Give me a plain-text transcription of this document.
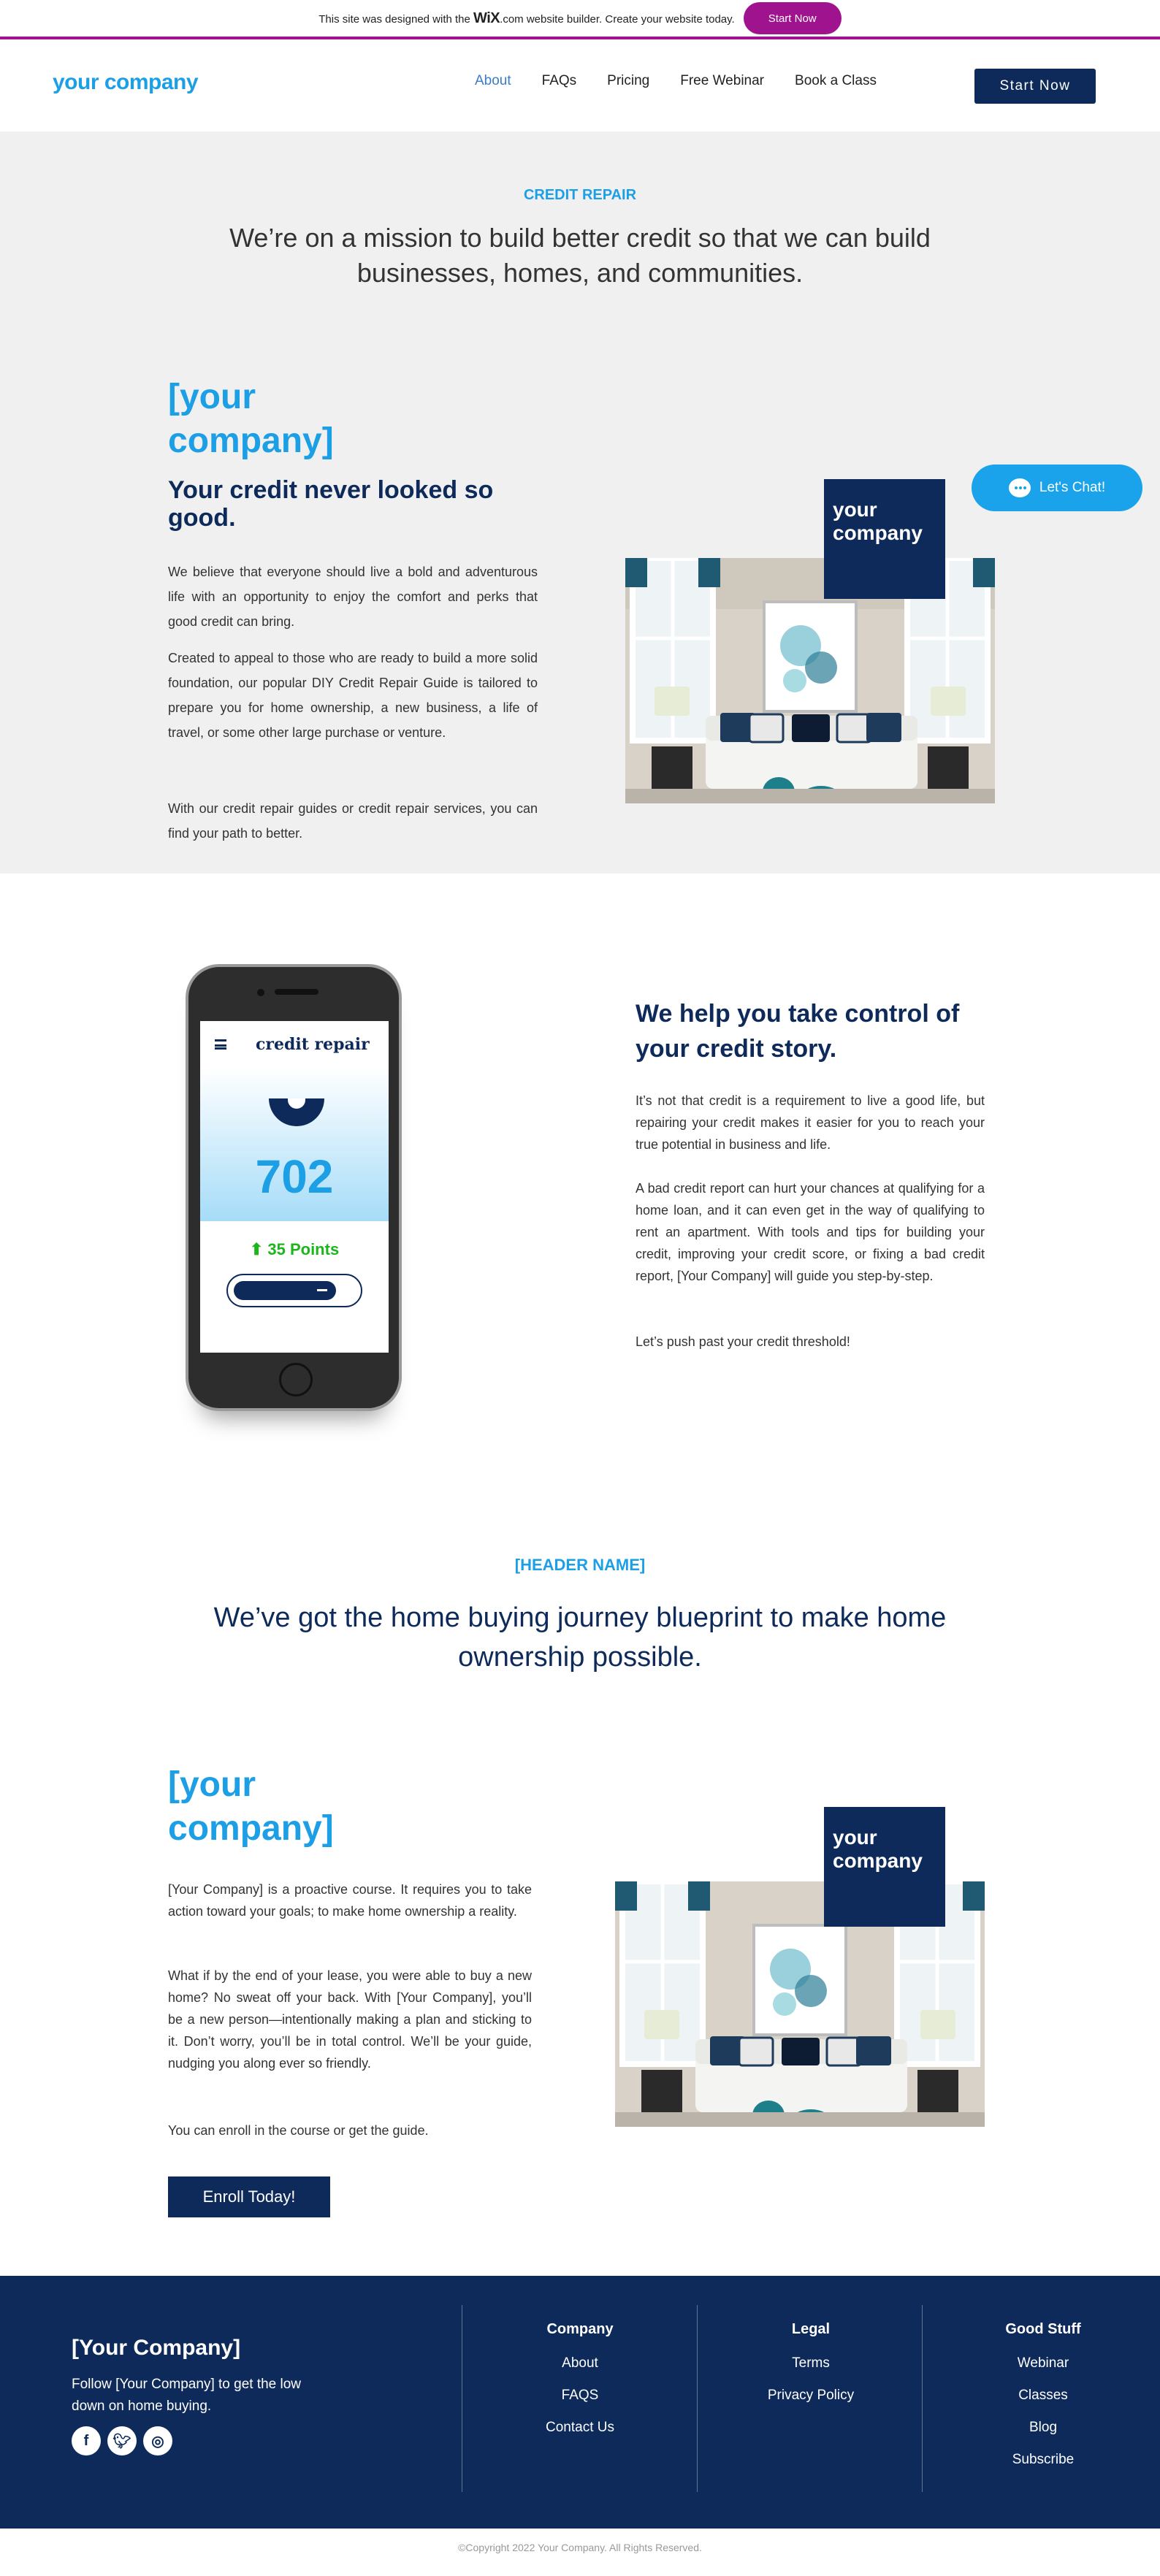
This site was designed with the WiX.com website builder. Create your website today.	Start Now
your company	About FAQs Pricing Free Webinar Book a Class	Start Now
CREDIT REPAIR
We’re on a mission to build better credit so that we can build businesses, homes, and communities.
[your company]
Your credit never looked so good.
We believe that everyone should live a bold and adventurous life with an opportunity to enjoy the comfort and perks that good credit can bring.
Created to appeal to those who are ready to build a more solid foundation, our popular DIY Credit Repair Guide is tailored to prepare you for home ownership, a new business, a life of travel, or some other large purchase or venture.
With our credit repair guides or credit repair services, you can find your path to better.
your company
Let's Chat!
credit repair
702
⬆ 35 Points
We help you take control of your credit story.
It’s not that credit is a requirement to live a good life, but repairing your credit makes it easier for you to reach your true potential in business and life.
A bad credit report can hurt your chances at qualifying for a home loan, and it can even get in the way of qualifying to rent an apartment. With tools and tips for building your credit, improving your credit score, or fixing a bad credit report, [Your Company] will guide you step-by-step.
Let’s push past your credit threshold!
[HEADER NAME]
We’ve got the home buying journey blueprint to make home ownership possible.
[your company]
[Your Company] is a proactive course. It requires you to take action toward your goals; to make home ownership a reality.
What if by the end of your lease, you were able to buy a new home? No sweat off your back. With [Your Company], you’ll be a new person—intentionally making a plan and sticking to it. Don’t worry, you’ll be in total control. We’ll be your guide, nudging you along ever so friendly.
You can enroll in the course or get the guide.
Enroll Today!
your company
[Your Company]
Follow [Your Company] to get the low down on home buying.
f	🐦︎	◎
Company
About
FAQS
Contact Us
Legal
Terms
Privacy Policy
Good Stuff
Webinar
Classes
Blog
Subscribe
©Copyright 2022 Your Company. All Rights Reserved.
